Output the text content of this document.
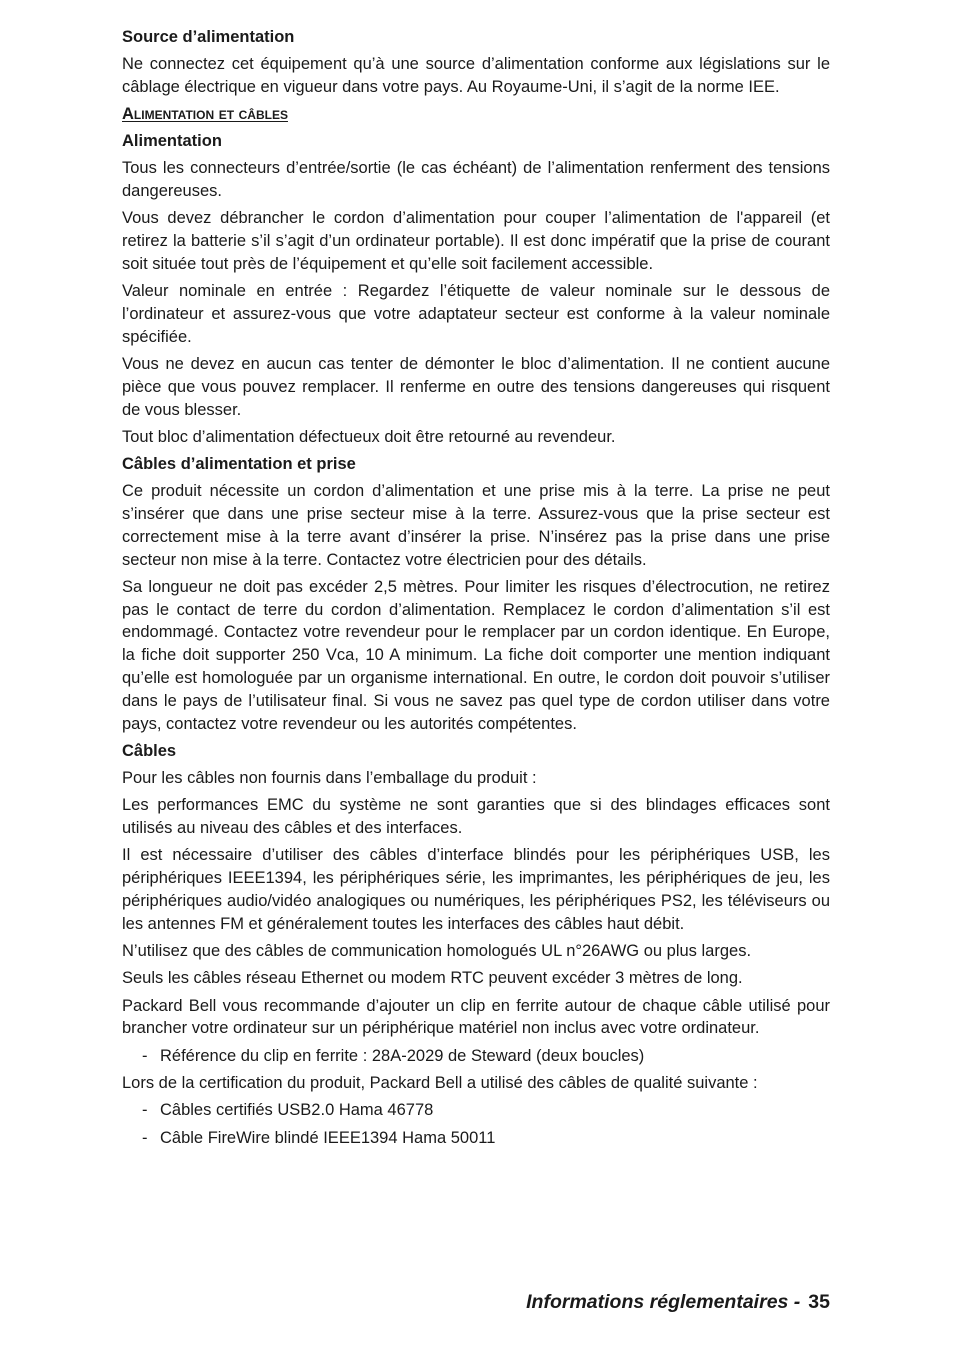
Source d’alimentation

Ne connectez cet équipement qu’à une source d’alimentation conforme aux législations sur le câblage électrique en vigueur dans votre pays. Au Royaume-Uni, il s’agit de la norme IEE.

Alimentation et câbles
Alimentation

Tous les connecteurs d’entrée/sortie (le cas échéant) de l’alimentation renferment des tensions dangereuses.

Vous devez débrancher le cordon d’alimentation pour couper l’alimentation de l'appareil (et retirez la batterie s’il s’agit d’un ordinateur portable). Il est donc impératif que la prise de courant soit située tout près de l’équipement et qu’elle soit facilement accessible.

Valeur nominale en entrée : Regardez l’étiquette de valeur nominale sur le dessous de l’ordinateur et assurez-vous que votre adaptateur secteur est conforme à la valeur nominale spécifiée.

Vous ne devez en aucun cas tenter de démonter le bloc d’alimentation. Il ne contient aucune pièce que vous pouvez remplacer. Il renferme en outre des tensions dangereuses qui risquent de vous blesser.

Tout bloc d’alimentation défectueux doit être retourné au revendeur.

Câbles d’alimentation et prise

Ce produit nécessite un cordon d’alimentation et une prise mis à la terre. La prise ne peut s’insérer que dans une prise secteur mise à la terre. Assurez-vous que la prise secteur est correctement mise à la terre avant d’insérer la prise. N’insérez pas la prise dans une prise secteur non mise à la terre. Contactez votre électricien pour des détails.

Sa longueur ne doit pas excéder 2,5 mètres. Pour limiter les risques d’électrocution, ne retirez pas le contact de terre du cordon d’alimentation. Remplacez le cordon d’alimentation s’il est endommagé. Contactez votre revendeur pour le remplacer par un cordon identique. En Europe, la fiche doit supporter 250 Vca, 10 A minimum. La fiche doit comporter une mention indiquant qu’elle est homologuée par un organisme international. En outre, le cordon doit pouvoir s’utiliser dans le pays de l’utilisateur final. Si vous ne savez pas quel type de cordon utiliser dans votre pays, contactez votre revendeur ou les autorités compétentes.

Câbles

Pour les câbles non fournis dans l’emballage du produit :

Les performances EMC du système ne sont garanties que si des blindages efficaces sont utilisés au niveau des câbles et des interfaces.

Il est nécessaire d’utiliser des câbles d’interface blindés pour les périphériques USB, les périphériques IEEE1394, les périphériques série, les imprimantes, les périphériques de jeu, les périphériques audio/vidéo analogiques ou numériques, les périphériques PS2, les téléviseurs ou les antennes FM et généralement toutes les interfaces des câbles haut débit.

N’utilisez que des câbles de communication homologués UL n°26AWG ou plus larges.

Seuls les câbles réseau Ethernet ou modem RTC peuvent excéder 3 mètres de long.

Packard Bell vous recommande d’ajouter un clip en ferrite autour de chaque câble utilisé pour brancher votre ordinateur sur un périphérique matériel non inclus avec votre ordinateur.

- Référence du clip en ferrite : 28A-2029 de Steward (deux boucles)

Lors de la certification du produit, Packard Bell a utilisé des câbles de qualité suivante :

- Câbles certifiés USB2.0 Hama 46778
- Câble FireWire blindé IEEE1394 Hama 50011
Informations réglementaires - 35
